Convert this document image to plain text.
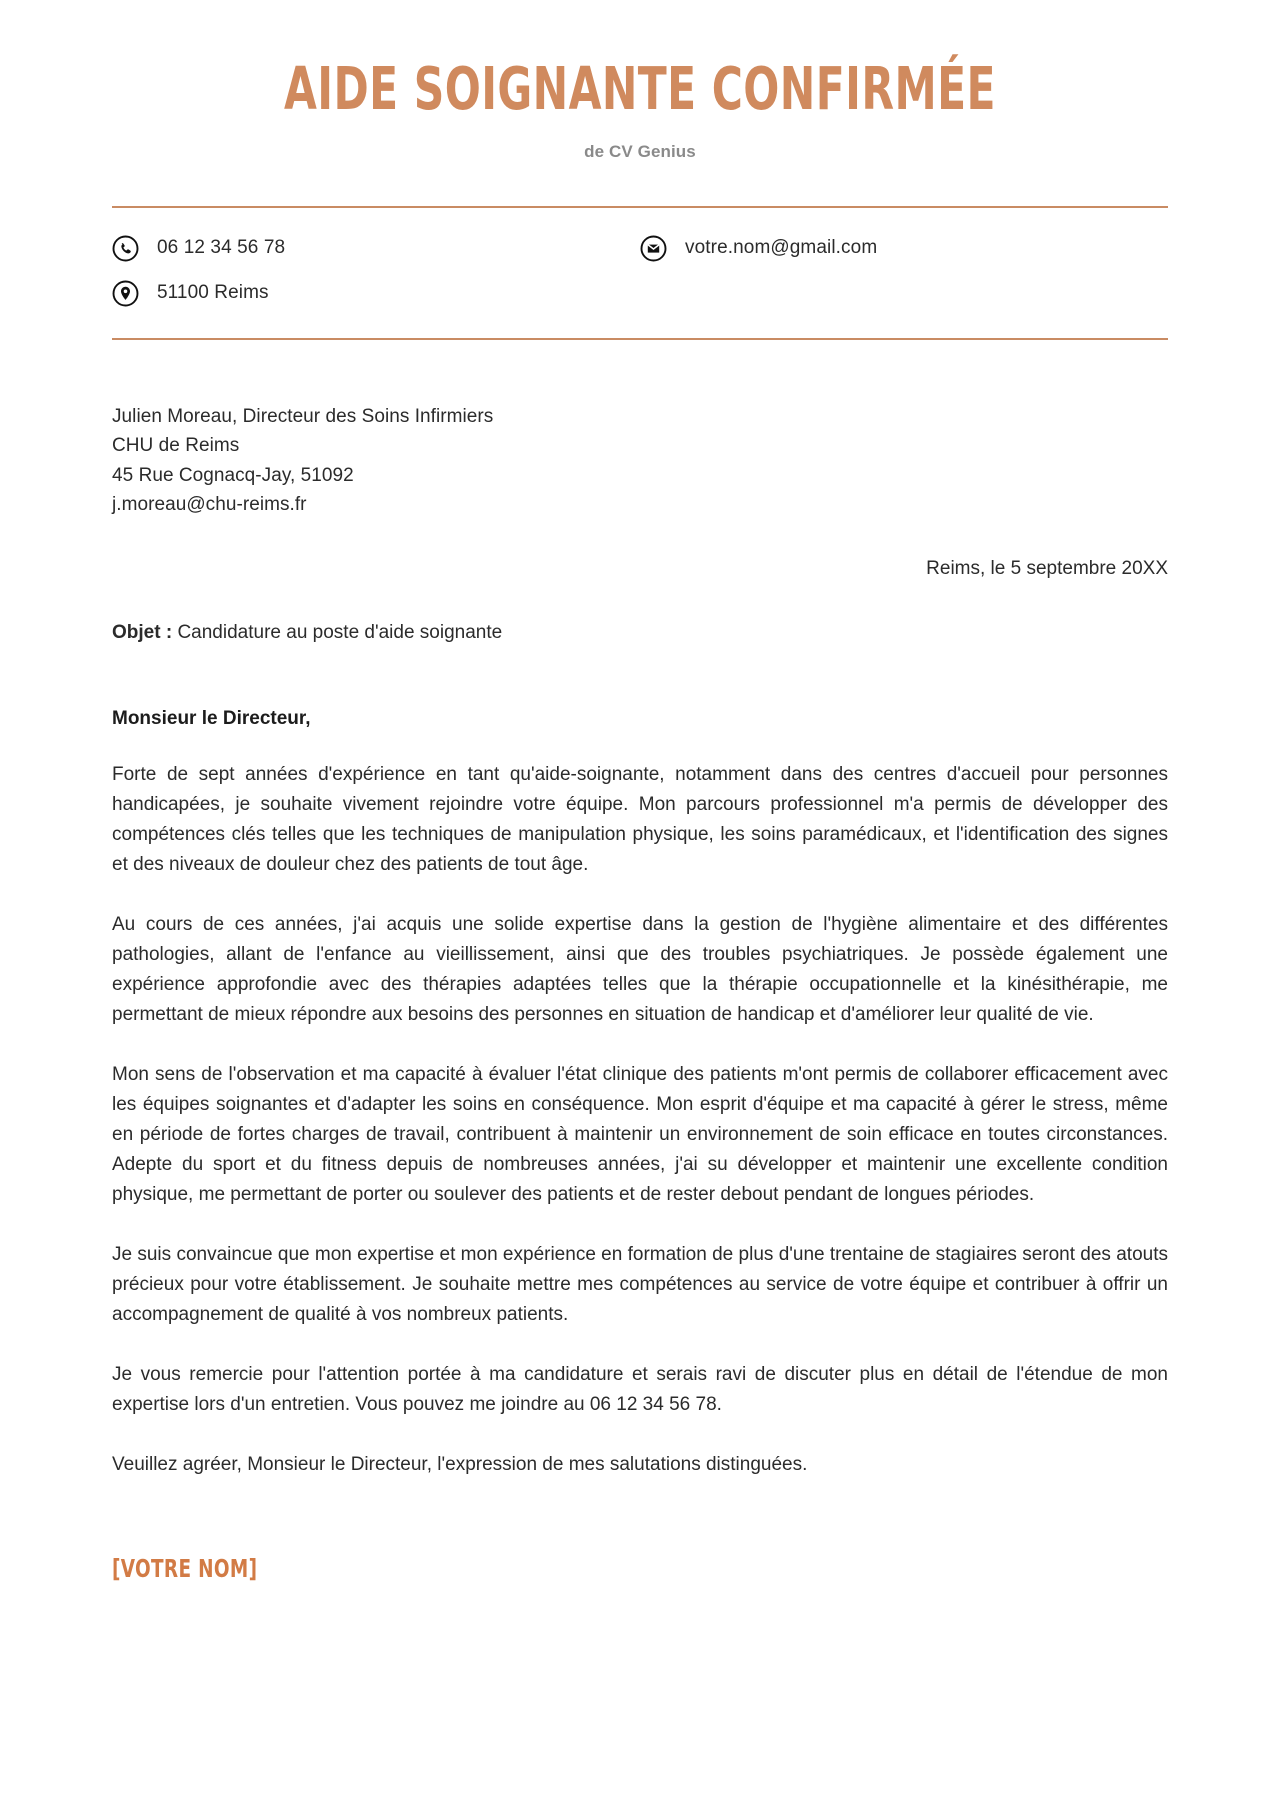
AIDE SOIGNANTE CONFIRMÉE
de CV Genius
06 12 34 56 78	votre.nom@gmail.com
51100 Reims
Julien Moreau, Directeur des Soins Infirmiers
CHU de Reims
45 Rue Cognacq-Jay, 51092
j.moreau@chu-reims.fr
Reims, le 5 septembre 20XX
Objet : Candidature au poste d'aide soignante
Monsieur le Directeur,

Forte de sept années d'expérience en tant qu'aide-soignante, notamment dans des centres d'accueil pour personnes handicapées, je souhaite vivement rejoindre votre équipe. Mon parcours professionnel m'a permis de développer des compétences clés telles que les techniques de manipulation physique, les soins paramédicaux, et l'identification des signes et des niveaux de douleur chez des patients de tout âge.

Au cours de ces années, j'ai acquis une solide expertise dans la gestion de l'hygiène alimentaire et des différentes pathologies, allant de l'enfance au vieillissement, ainsi que des troubles psychiatriques. Je possède également une expérience approfondie avec des thérapies adaptées telles que la thérapie occupationnelle et la kinésithérapie, me permettant de mieux répondre aux besoins des personnes en situation de handicap et d'améliorer leur qualité de vie.

Mon sens de l'observation et ma capacité à évaluer l'état clinique des patients m'ont permis de collaborer efficacement avec les équipes soignantes et d'adapter les soins en conséquence. Mon esprit d'équipe et ma capacité à gérer le stress, même en période de fortes charges de travail, contribuent à maintenir un environnement de soin efficace en toutes circonstances. Adepte du sport et du fitness depuis de nombreuses années, j'ai su développer et maintenir une excellente condition physique, me permettant de porter ou soulever des patients et de rester debout pendant de longues périodes.

Je suis convaincue que mon expertise et mon expérience en formation de plus d'une trentaine de stagiaires seront des atouts précieux pour votre établissement. Je souhaite mettre mes compétences au service de votre équipe et contribuer à offrir un accompagnement de qualité à vos nombreux patients.

Je vous remercie pour l'attention portée à ma candidature et serais ravi de discuter plus en détail de l'étendue de mon expertise lors d'un entretien. Vous pouvez me joindre au 06 12 34 56 78.

Veuillez agréer, Monsieur le Directeur, l'expression de mes salutations distinguées.

[VOTRE NOM]
